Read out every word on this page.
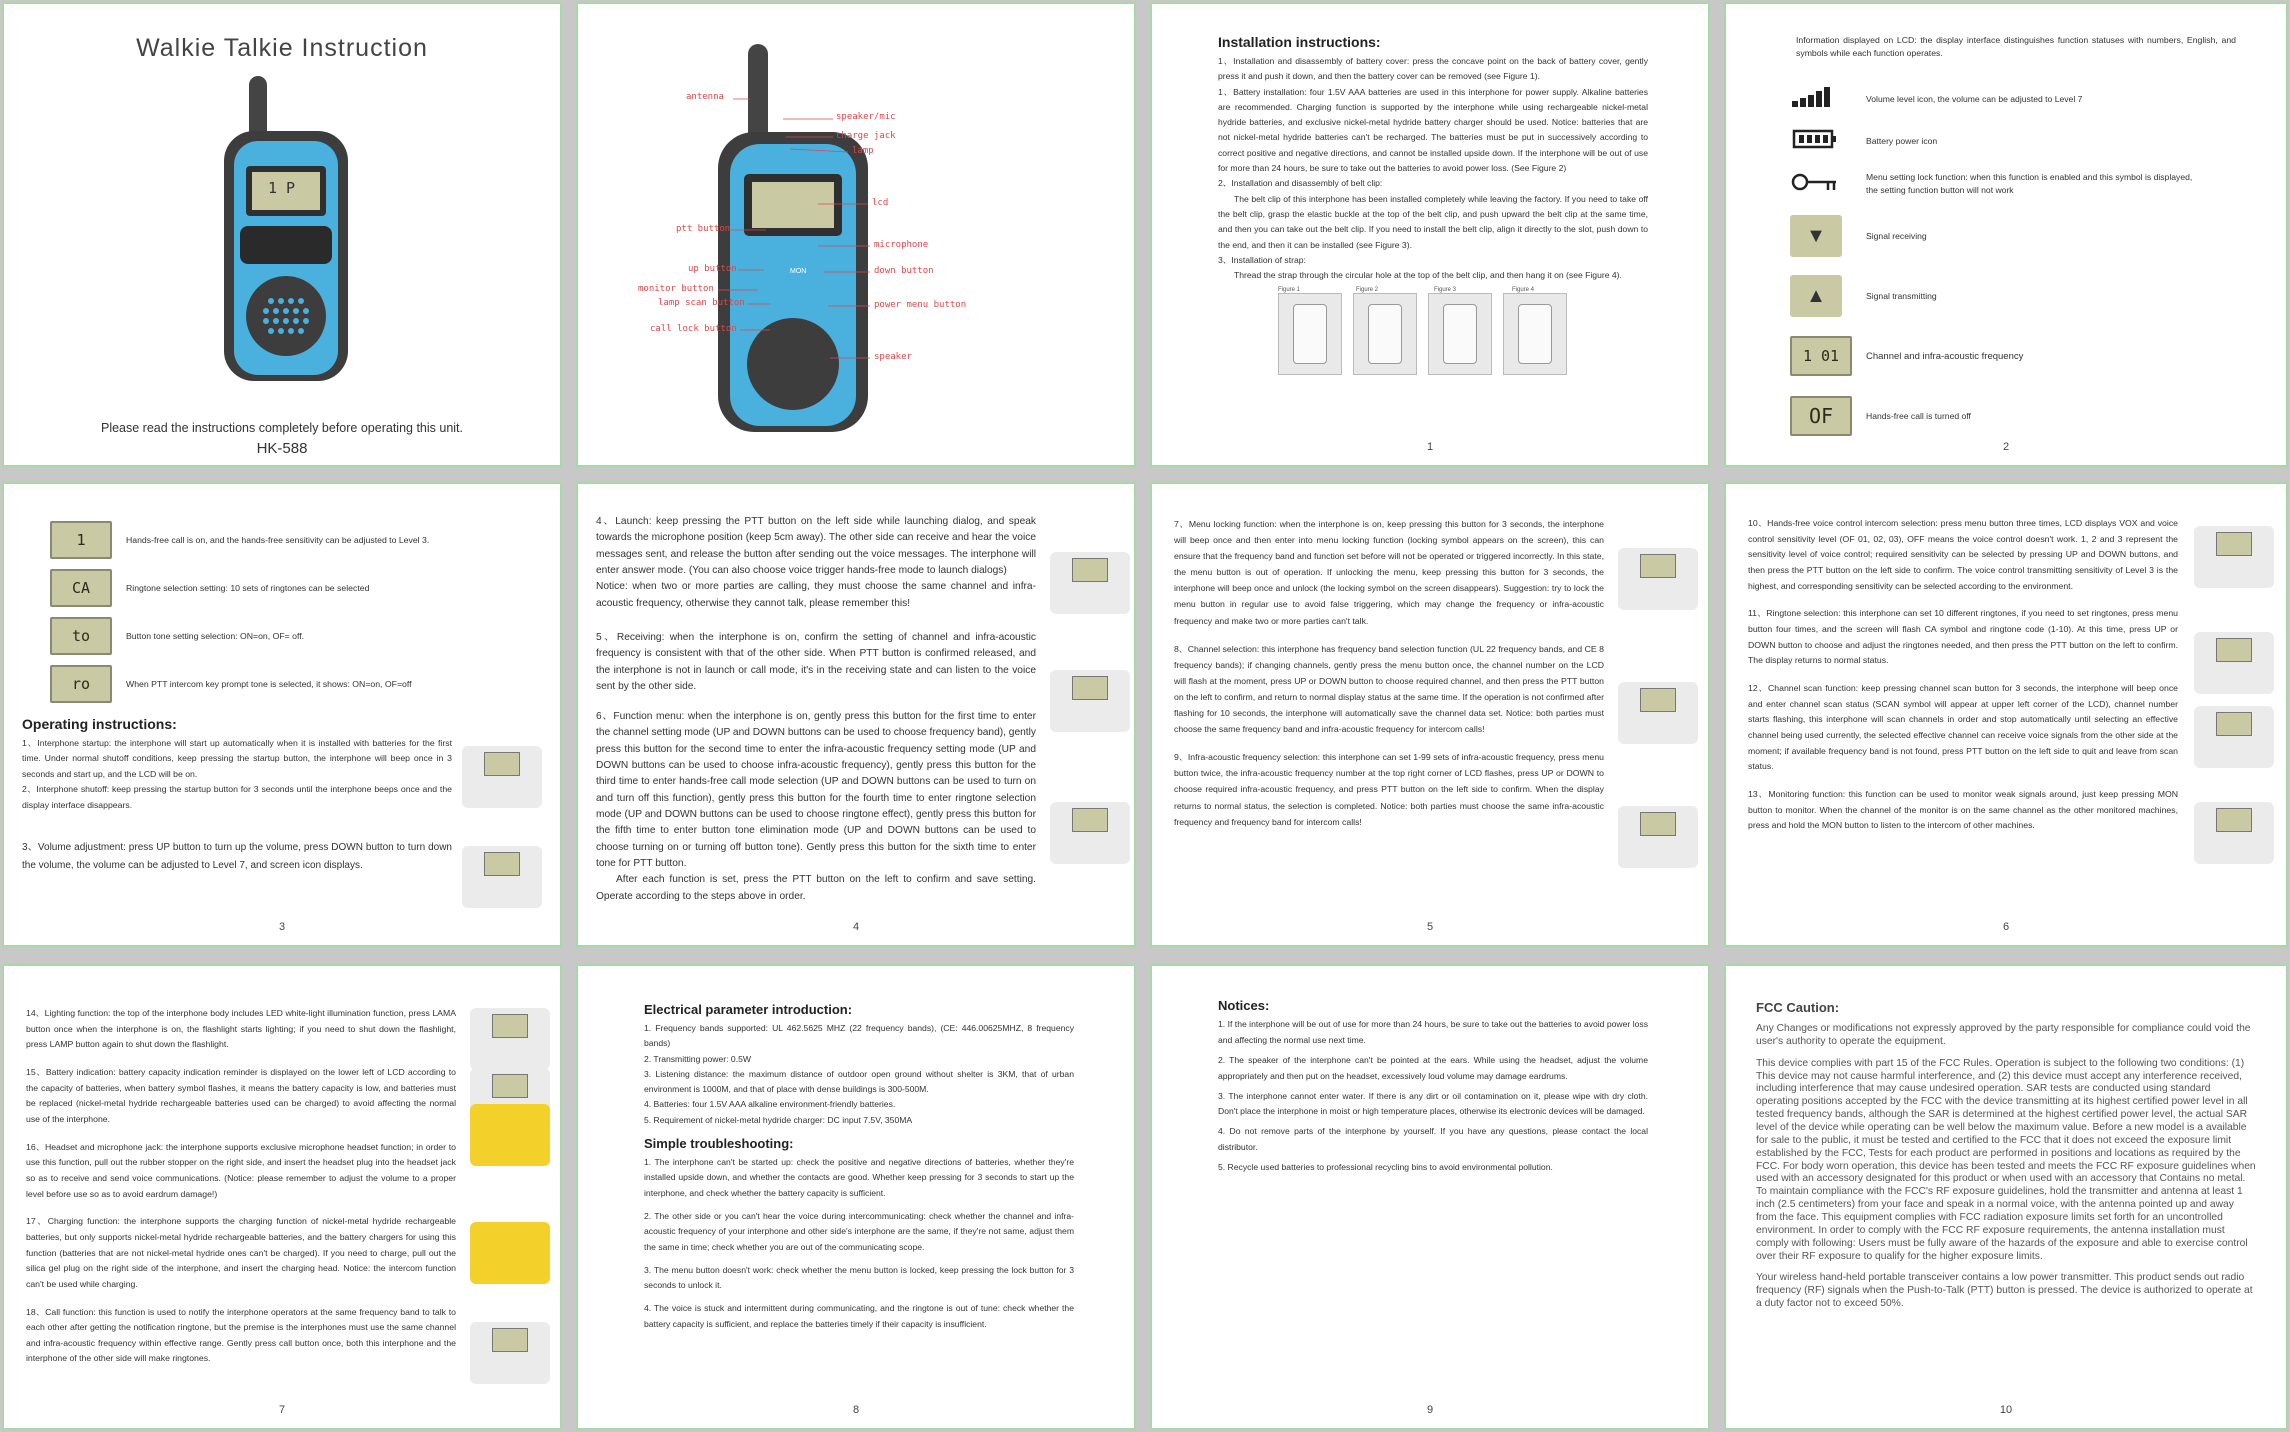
Walkie Talkie Instruction
1 P
Please read the instructions completely before operating this unit.
HK-588
MON
antenna
speaker/mic
charge jack
lamp
lcd
ptt button
microphone
up button	down button
monitor button
lamp scan button	power menu button
call lock button
speaker
Installation instructions:

1、Installation and disassembly of battery cover: press the concave point on the back of battery cover, gently press it and push it down, and then the battery cover can be removed (see Figure 1).

1、Battery installation: four 1.5V AAA batteries are used in this interphone for power supply. Alkaline batteries are recommended. Charging function is supported by the interphone while using rechargeable nickel-metal hydride batteries, and exclusive nickel-metal hydride battery charger should be used. Notice: batteries that are not nickel-metal hydride batteries can't be recharged. The batteries must be put in successively according to correct positive and negative directions, and cannot be installed upside down. If the interphone will be out of use for more than 24 hours, be sure to take out the batteries to avoid power loss. (See Figure 2)

2、Installation and disassembly of belt clip:

The belt clip of this interphone has been installed completely while leaving the factory. If you need to take off the belt clip, grasp the elastic buckle at the top of the belt clip, and push upward the belt clip at the same time, and then you can take out the belt clip. If you need to install the belt clip, align it directly to the slot, push down to the end, and then it can be installed (see Figure 3).

3、Installation of strap:

Thread the strap through the circular hole at the top of the belt clip, and then hang it on (see Figure 4).

Figure 1	Figure 2	Figure 3	Figure 4
1
Information displayed on LCD: the display interface distinguishes function statuses with numbers, English, and symbols while each function operates.
Volume level icon, the volume can be adjusted to Level 7
Battery power icon
Menu setting lock function: when this function is enabled and this symbol is displayed, the setting function button will not work
▼	Signal receiving
▲	Signal transmitting
1 01	Channel and infra-acoustic frequency
OF	Hands-free call is turned off
2
1	Hands-free call is on, and the hands-free sensitivity can be adjusted to Level 3.
CA	Ringtone selection setting: 10 sets of ringtones can be selected
to	Button tone setting selection: ON=on, OF= off.
ro	When PTT intercom key prompt tone is selected, it shows: ON=on, OF=off
Operating instructions:

1、Interphone startup: the interphone will start up automatically when it is installed with batteries for the first time. Under normal shutoff conditions, keep pressing the startup button, the interphone will beep once in 3 seconds and start up, and the LCD will be on.

2、Interphone shutoff: keep pressing the startup button for 3 seconds until the interphone beeps once and the display interface disappears.

3、Volume adjustment: press UP button to turn up the volume, press DOWN button to turn down the volume, the volume can be adjusted to Level 7, and screen icon displays.

3

4、Launch: keep pressing the PTT button on the left side while launching dialog, and speak towards the microphone position (keep 5cm away). The other side can receive and hear the voice messages sent, and release the button after sending out the voice messages. The interphone will enter answer mode. (You can also choose voice trigger hands-free mode to launch dialogs)

Notice: when two or more parties are calling, they must choose the same channel and infra-acoustic frequency, otherwise they cannot talk, please remember this!

5、Receiving: when the interphone is on, confirm the setting of channel and infra-acoustic frequency is consistent with that of the other side. When PTT button is confirmed released, and the interphone is not in launch or call mode, it's in the receiving state and can listen to the voice sent by the other side.

6、Function menu: when the interphone is on, gently press this button for the first time to enter the channel setting mode (UP and DOWN buttons can be used to choose frequency band), gently press this button for the second time to enter the infra-acoustic frequency setting mode (UP and DOWN buttons can be used to choose infra-acoustic frequency), gently press this button for the third time to enter hands-free call mode selection (UP and DOWN buttons can be used to turn on and turn off this function), gently press this button for the fourth time to enter ringtone selection mode (UP and DOWN buttons can be used to choose ringtone effect), gently press this button for the fifth time to enter button tone elimination mode (UP and DOWN buttons can be used to choose turning on or turning off button tone). Gently press this button for the sixth time to enter tone for PTT button.

After each function is set, press the PTT button on the left to confirm and save setting. Operate according to the steps above in order.

4

7、Menu locking function: when the interphone is on, keep pressing this button for 3 seconds, the interphone will beep once and then enter into menu locking function (locking symbol appears on the screen), this can ensure that the frequency band and function set before will not be operated or triggered incorrectly. In this state, the menu button is out of operation. If unlocking the menu, keep pressing this button for 3 seconds, the interphone will beep once and unlock (the locking symbol on the screen disappears). Suggestion: try to lock the menu button in regular use to avoid false triggering, which may change the frequency or infra-acoustic frequency and make two or more parties can't talk.

8、Channel selection: this interphone has frequency band selection function (UL 22 frequency bands, and CE 8 frequency bands); if changing channels, gently press the menu button once, the channel number on the LCD will flash at the moment, press UP or DOWN button to choose required channel, and then press the PTT button on the left to confirm, and return to normal display status at the same time. If the operation is not confirmed after flashing for 10 seconds, the interphone will automatically save the channel data set. Notice: both parties must choose the same frequency band and infra-acoustic frequency for intercom calls!

9、Infra-acoustic frequency selection: this interphone can set 1-99 sets of infra-acoustic frequency, press menu button twice, the infra-acoustic frequency number at the top right corner of LCD flashes, press UP or DOWN to choose required infra-acoustic frequency, and press PTT button on the left side to confirm. When the display returns to normal status, the selection is completed. Notice: both parties must choose the same infra-acoustic frequency and frequency band for intercom calls!

5

10、Hands-free voice control intercom selection: press menu button three times, LCD displays VOX and voice control sensitivity level (OF 01, 02, 03), OFF means the voice control doesn't work. 1, 2 and 3 represent the sensitivity level of voice control; required sensitivity can be selected by pressing UP and DOWN buttons, and then press the PTT button on the left side to confirm. The voice control transmitting sensitivity of Level 3 is the highest, and corresponding sensitivity can be selected according to the environment.

11、Ringtone selection: this interphone can set 10 different ringtones, if you need to set ringtones, press menu button four times, and the screen will flash CA symbol and ringtone code (1-10). At this time, press UP or DOWN button to choose and adjust the ringtones needed, and then press the PTT button on the left to confirm. The display returns to normal status.

12、Channel scan function: keep pressing channel scan button for 3 seconds, the interphone will beep once and enter channel scan status (SCAN symbol will appear at upper left corner of the LCD), channel number starts flashing, this interphone will scan channels in order and stop automatically until selecting an effective channel being used currently, the selected effective channel can receive voice signals from the other side at the moment; if available frequency band is not found, press PTT button on the left side to quit and leave from scan status.

13、Monitoring function: this function can be used to monitor weak signals around, just keep pressing MON button to monitor. When the channel of the monitor is on the same channel as the other monitored machines, press and hold the MON button to listen to the intercom of other machines.

6

14、Lighting function: the top of the interphone body includes LED white-light illumination function, press LAMA button once when the interphone is on, the flashlight starts lighting; if you need to shut down the flashlight, press LAMP button again to shut down the flashlight.

15、Battery indication: battery capacity indication reminder is displayed on the lower left of LCD according to the capacity of batteries, when battery symbol flashes, it means the battery capacity is low, and batteries must be replaced (nickel-metal hydride rechargeable batteries used can be charged) to avoid affecting the normal use of the interphone.

16、Headset and microphone jack: the interphone supports exclusive microphone headset function; in order to use this function, pull out the rubber stopper on the right side, and insert the headset plug into the headset jack so as to receive and send voice communications. (Notice: please remember to adjust the volume to a proper level before use so as to avoid eardrum damage!)

17、Charging function: the interphone supports the charging function of nickel-metal hydride rechargeable batteries, but only supports nickel-metal hydride rechargeable batteries, and the battery chargers for using this function (batteries that are not nickel-metal hydride ones can't be charged). If you need to charge, pull out the silica gel plug on the right side of the interphone, and insert the charging head. Notice: the intercom function can't be used while charging.

18、Call function: this function is used to notify the interphone operators at the same frequency band to talk to each other after getting the notification ringtone, but the premise is the interphones must use the same channel and infra-acoustic frequency within effective range. Gently press call button once, both this interphone and the interphone of the other side will make ringtones.

7
Electrical parameter introduction:

1. Frequency bands supported: UL 462.5625 MHZ (22 frequency bands), (CE: 446.00625MHZ, 8 frequency bands)

2. Transmitting power: 0.5W

3. Listening distance: the maximum distance of outdoor open ground without shelter is 3KM, that of urban environment is 1000M, and that of place with dense buildings is 300-500M.

4. Batteries: four 1.5V AAA alkaline environment-friendly batteries.

5. Requirement of nickel-metal hydride charger: DC input 7.5V, 350MA

Simple troubleshooting:

1. The interphone can't be started up: check the positive and negative directions of batteries, whether they're installed upside down, and whether the contacts are good. Whether keep pressing for 3 seconds to start up the interphone, and check whether the battery capacity is sufficient.

2. The other side or you can't hear the voice during intercommunicating: check whether the channel and infra-acoustic frequency of your interphone and other side's interphone are the same, if they're not same, adjust them the same in time; check whether you are out of the communicating scope.

3. The menu button doesn't work: check whether the menu button is locked, keep pressing the lock button for 3 seconds to unlock it.

4. The voice is stuck and intermittent during communicating, and the ringtone is out of tune: check whether the battery capacity is sufficient, and replace the batteries timely if their capacity is insufficient.

8
Notices:

1. If the interphone will be out of use for more than 24 hours, be sure to take out the batteries to avoid power loss and affecting the normal use next time.

2. The speaker of the interphone can't be pointed at the ears. While using the headset, adjust the volume appropriately and then put on the headset, excessively loud volume may damage eardrums.

3. The interphone cannot enter water. If there is any dirt or oil contamination on it, please wipe with dry cloth. Don't place the interphone in moist or high temperature places, otherwise its electronic devices will be damaged.

4. Do not remove parts of the interphone by yourself. If you have any questions, please contact the local distributor.

5. Recycle used batteries to professional recycling bins to avoid environmental pollution.

9
FCC Caution:

Any Changes or modifications not expressly approved by the party responsible for compliance could void the user's authority to operate the equipment.

This device complies with part 15 of the FCC Rules. Operation is subject to the following two conditions: (1) This device may not cause harmful interference, and (2) this device must accept any interference received, including interference that may cause undesired operation. SAR tests are conducted using standard operating positions accepted by the FCC with the device transmitting at its highest certified power level in all tested frequency bands, although the SAR is determined at the highest certified power level, the actual SAR level of the device while operating can be well below the maximum value. Before a new model is a available for sale to the public, it must be tested and certified to the FCC that it does not exceed the exposure limit established by the FCC, Tests for each product are performed in positions and locations as required by the FCC. For body worn operation, this device has been tested and meets the FCC RF exposure guidelines when used with an accessory designated for this product or when used with an accessory that Contains no metal. To maintain compliance with the FCC's RF exposure guidelines, hold the transmitter and antenna at least 1 inch (2.5 centimeters) from your face and speak in a normal voice, with the antenna pointed up and away from the face. This equipment complies with FCC radiation exposure limits set forth for an uncontrolled environment. In order to comply with the FCC RF exposure requirements, the antenna installation must comply with following: Users must be fully aware of the hazards of the exposure and able to exercise control over their RF exposure to qualify for the higher exposure limits.

Your wireless hand-held portable transceiver contains a low power transmitter. This product sends out radio frequency (RF) signals when the Push-to-Talk (PTT) button is pressed. The device is authorized to operate at a duty factor not to exceed 50%.

10
